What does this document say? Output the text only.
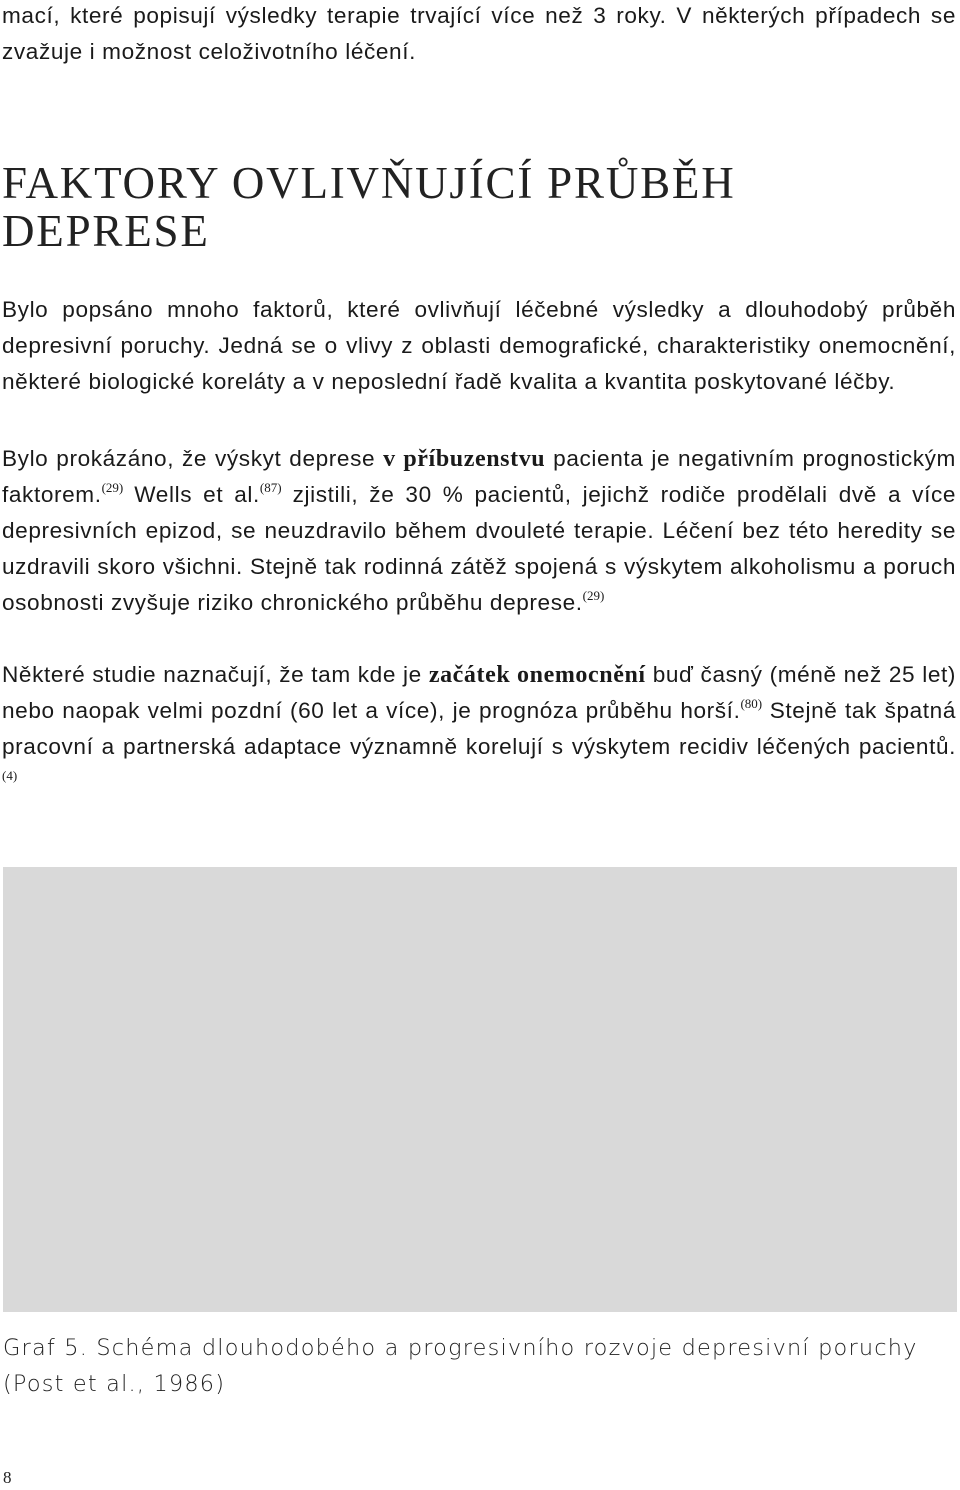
mací, které popisují výsledky terapie trvající více než 3 roky. V některých případech se zvažuje i možnost celoživotního léčení.

FAKTORY OVLIVŇUJÍCÍ PRŮBĚH DEPRESE

Bylo popsáno mnoho faktorů, které ovlivňují léčebné výsledky a dlouhodobý průběh depresivní poruchy. Jedná se o vlivy z oblasti demografické, charakteristiky onemocnění, některé biologické koreláty a v neposlední řadě kvalita a kvantita poskytované léčby.

Bylo prokázáno, že výskyt deprese v příbuzenstvu pacienta je negativním prognostickým faktorem.$^{(29)}$ Wells et al.$^{(87)}$ zjistili, že 30 % pacientů, jejichž rodiče prodělali dvě a více depresivních epizod, se neuzdravilo během dvouleté terapie. Léčení bez této heredity se uzdravili skoro všichni. Stejně tak rodinná zátěž spojená s výskytem alkoholismu a poruch osobnosti zvyšuje riziko chronického průběhu deprese.$^{(29)}$

Některé studie naznačují, že tam kde je začátek onemocnění buď časný (méně než 25 let) nebo naopak velmi pozdní (60 let a více), je prognóza průběhu horší.$^{(80)}$ Stejně tak špatná pracovní a partnerská adaptace významně korelují s výskytem recidiv léčených pacientů.$^{(4)}$

Graf 5. Schéma dlouhodobého a progresivního rozvoje depresivní poruchy (Post et al., 1986)

8
